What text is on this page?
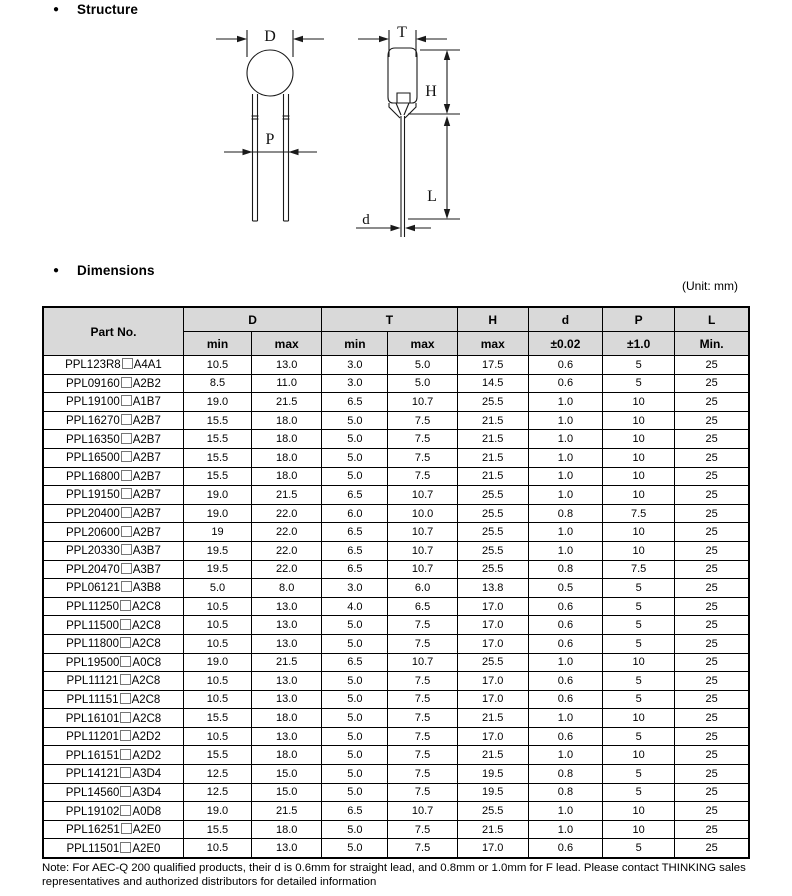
● Structure
D
P
T
H
L
d
● Dimensions
(Unit: mm)
Part No.	D		T		H	d	P	L
	min	max	min	max	max	±0.02	±1.0	Min.
PPL123R8 A4A1	10.5	13.0	3.0	5.0	17.5	0.6	5	25
PPL09160 A2B2	8.5	11.0	3.0	5.0	14.5	0.6	5	25
PPL19100 A1B7	19.0	21.5	6.5	10.7	25.5	1.0	10	25
PPL16270 A2B7	15.5	18.0	5.0	7.5	21.5	1.0	10	25
PPL16350 A2B7	15.5	18.0	5.0	7.5	21.5	1.0	10	25
PPL16500 A2B7	15.5	18.0	5.0	7.5	21.5	1.0	10	25
PPL16800 A2B7	15.5	18.0	5.0	7.5	21.5	1.0	10	25
PPL19150 A2B7	19.0	21.5	6.5	10.7	25.5	1.0	10	25
PPL20400 A2B7	19.0	22.0	6.0	10.0	25.5	0.8	7.5	25
PPL20600 A2B7	19	22.0	6.5	10.7	25.5	1.0	10	25
PPL20330 A3B7	19.5	22.0	6.5	10.7	25.5	1.0	10	25
PPL20470 A3B7	19.5	22.0	6.5	10.7	25.5	0.8	7.5	25
PPL06121 A3B8	5.0	8.0	3.0	6.0	13.8	0.5	5	25
PPL11250 A2C8	10.5	13.0	4.0	6.5	17.0	0.6	5	25
PPL11500 A2C8	10.5	13.0	5.0	7.5	17.0	0.6	5	25
PPL11800 A2C8	10.5	13.0	5.0	7.5	17.0	0.6	5	25
PPL19500 A0C8	19.0	21.5	6.5	10.7	25.5	1.0	10	25
PPL11121 A2C8	10.5	13.0	5.0	7.5	17.0	0.6	5	25
PPL11151 A2C8	10.5	13.0	5.0	7.5	17.0	0.6	5	25
PPL16101 A2C8	15.5	18.0	5.0	7.5	21.5	1.0	10	25
PPL11201 A2D2	10.5	13.0	5.0	7.5	17.0	0.6	5	25
PPL16151 A2D2	15.5	18.0	5.0	7.5	21.5	1.0	10	25
PPL14121 A3D4	12.5	15.0	5.0	7.5	19.5	0.8	5	25
PPL14560 A3D4	12.5	15.0	5.0	7.5	19.5	0.8	5	25
PPL19102 A0D8	19.0	21.5	6.5	10.7	25.5	1.0	10	25
PPL16251 A2E0	15.5	18.0	5.0	7.5	21.5	1.0	10	25
PPL11501 A2E0	10.5	13.0	5.0	7.5	17.0	0.6	5	25
Note: For AEC-Q 200 qualified products, their d is 0.6mm for straight lead, and 0.8mm or 1.0mm for F lead. Please contact THINKING sales representatives and authorized distributors for detailed information
